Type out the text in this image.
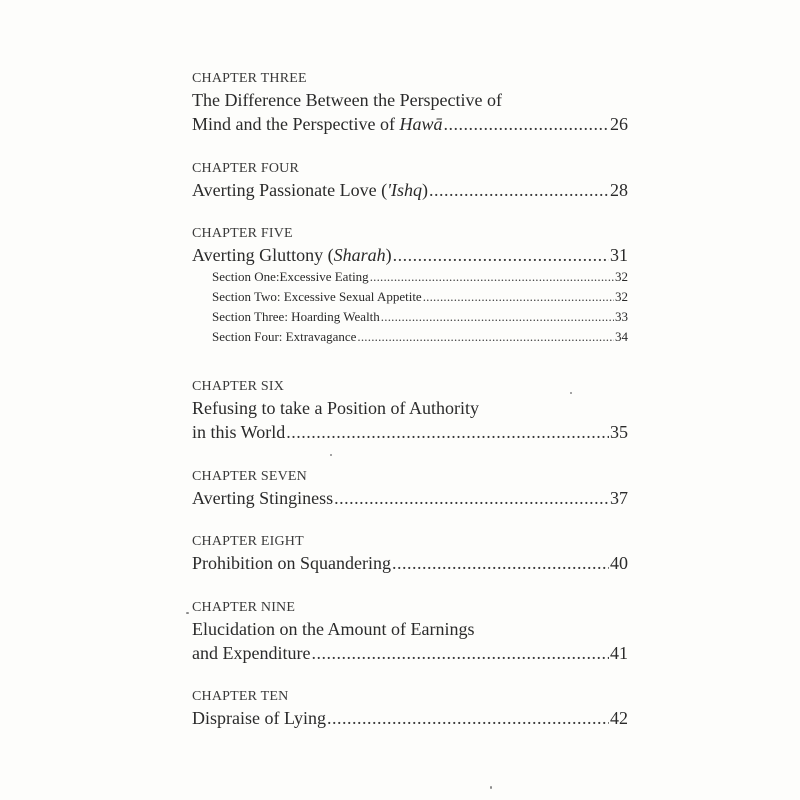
CHAPTER THREE
The Difference Between the Perspective of
Mind and the Perspective of Hawā .....	26
CHAPTER FOUR
Averting Passionate Love ('Ishq) .....	28
CHAPTER FIVE
Averting Gluttony (Sharah) .....	31
Section One:Excessive Eating .....	32
Section Two: Excessive Sexual Appetite .....	32
Section Three: Hoarding Wealth .....	33
Section Four: Extravagance .....	34
CHAPTER SIX
Refusing to take a Position of Authority
in this World .....	35
CHAPTER SEVEN
Averting Stinginess .....	37
CHAPTER EIGHT
Prohibition on Squandering .....	40
CHAPTER NINE
Elucidation on the Amount of Earnings
and Expenditure .....	41
CHAPTER TEN
Dispraise of Lying .....	42
